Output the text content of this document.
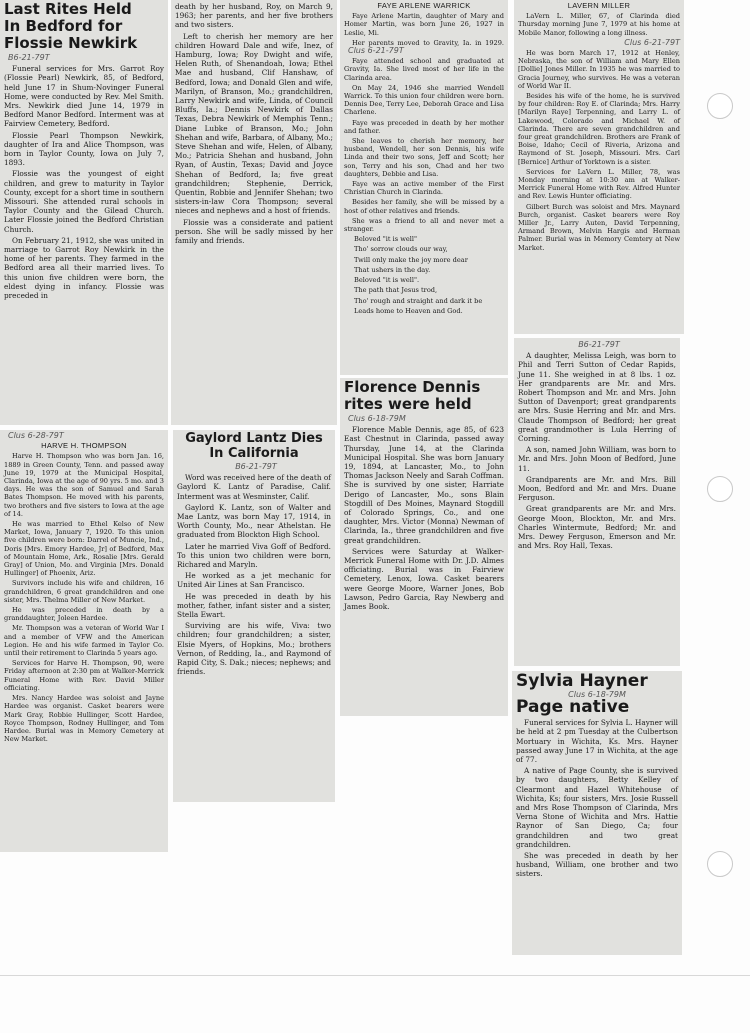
Last Rites Held
In Bedford for
Flossie Newkirk
B6-21-79T

Funeral services for Mrs. Garrot Roy (Flossie Pearl) Newkirk, 85, of Bedford, held June 17 in Shum-Novinger Funeral Home, were conducted by Rev. Mel Smith. Mrs. Newkirk died June 14, 1979 in Bedford Manor Bedford. Interment was at Fairview Cemetery, Bedford.

Flossie Pearl Thompson Newkirk, daughter of Ira and Alice Thompson, was born in Taylor County, Iowa on July 7, 1893.

Flossie was the youngest of eight children, and grew to maturity in Taylor County, except for a short time in southern Missouri. She attended rural schools in Taylor County and the Gilead Church. Later Flossie joined the Bedford Christian Church.

On February 21, 1912, she was united in marriage to Garrot Roy Newkirk in the home of her parents. They farmed in the Bedford area all their married lives. To this union five children were born, the eldest dying in infancy. Flossie was preceded in

death by her husband, Roy, on March 9, 1963; her parents, and her five brothers and two sisters.

Left to cherish her memory are her children Howard Dale and wife, Inez, of Hamburg, Iowa; Roy Dwight and wife, Helen Ruth, of Shenandoah, Iowa; Ethel Mae and husband, Clif Hanshaw, of Bedford, Iowa; and Donald Glen and wife, Marilyn, of Branson, Mo.; grandchildren, Larry Newkirk and wife, Linda, of Council Bluffs, Ia.; Dennis Newkirk of Dallas Texas, Debra Newkirk of Memphis Tenn.; Diane Lubke of Branson, Mo.; John Shehan and wife, Barbara, of Albany, Mo.; Steve Shehan and wife, Helen, of Albany, Mo.; Patricia Shehan and husband, John Ryan, of Austin, Texas; David and Joyce Shehan of Bedford, Ia; five great grandchildren; Stephenie, Derrick, Quentin, Robbie and Jennifer Shehan; two sisters-in-law Cora Thompson; several nieces and nephews and a host of friends.

Flossie was a considerate and patient person. She will be sadly missed by her family and friends.

Clus 6-28-79T
HARVE H. THOMPSON

Harve H. Thompson who was born Jan. 16, 1889 in Green County, Tenn. and passed away June 19, 1979 at the Municipal Hospital, Clarinda, Iowa at the age of 90 yrs. 5 mo. and 3 days. He was the son of Samuel and Sarah Bates Thompson. He moved with his parents, two brothers and five sisters to Iowa at the age of 14.

He was married to Ethel Kelso of New Market, Iowa, January 7, 1920. To this union five children were born: Darrel of Muncie, Ind., Doris [Mrs. Emory Hardee, Jr] of Bedford, Max of Mountain Home, Ark., Rosalie [Mrs. Gerald Gray] of Union, Mo. and Virginia [Mrs. Donald Hullinger] of Phoenix, Ariz.

Survivors include his wife and children, 16 grandchildren, 6 great grandchildren and one sister, Mrs. Thelma Miller of New Market.

He was preceded in death by a granddaughter, Joleen Hardee.

Mr. Thompson was a veteran of World War I and a member of VFW and the American Legion. He and his wife farmed in Taylor Co. until their retirement to Clarinda 5 years ago.

Services for Harve H. Thompson, 90, were Friday afternoon at 2:30 pm at Walker-Merrick Funeral Home with Rev. David Miller officiating.

Mrs. Nancy Hardee was soloist and Jayne Hardee was organist. Casket bearers were Mark Gray, Robbie Hullinger, Scott Hardee, Royce Thompson, Rodney Hullinger, and Tom Hardee. Burial was in Memory Cemetery at New Market.

Gaylord Lantz Dies
In California
B6-21-79T

Word was received here of the death of Gaylord K. Lantz of Paradise, Calif. Interment was at Wesminster, Calif.

Gaylord K. Lantz, son of Walter and Mae Lantz, was born May 17, 1914, in Worth County, Mo., near Athelstan. He graduated from Blockton High School.

Later he married Viva Goff of Bedford. To this union two children were born, Richared and Maryln.

He worked as a jet mechanic for United Air Lines at San Francisco.

He was preceded in death by his mother, father, infant sister and a sister, Stella Ewart.

Surviving are his wife, Viva: two children; four grandchildren; a sister, Elsie Myers, of Hopkins, Mo.; brothers Vernon, of Redding, Ia., and Raymond of Rapid City, S. Dak.; nieces; nephews; and friends.

FAYE ARLENE WARRICK

Faye Arlene Martin, daughter of Mary and Homer Martin, was born June 26, 1927 in Leslie, Mi.

Her parents moved to Gravity, Ia. in 1929. Clus 6-21-79T

Faye attended school and graduated at Gravity, Ia. She lived most of her life in the Clarinda area.

On May 24, 1946 she married Wendell Warrick. To this union four children were born. Dennis Dee, Terry Lee, Deborah Grace and Lisa Charlene.

Faye was preceded in death by her mother and father.

She leaves to cherish her memory, her husband, Wendell, her son Dennis, his wife Linda and their two sons, Jeff and Scott; her son, Terry and his son, Chad and her two daughters, Debbie and Lisa.

Faye was an active member of the First Christian Church in Clarinda.

Besides her family, she will be missed by a host of other relatives and friends.

She was a friend to all and never met a stranger.

Beloved "it is well"

Tho' sorrow clouds our way,

Twill only make the joy more dear

That ushers in the day.

Beloved "it is well".

The path that Jesus trod,

Tho' rough and straight and dark it be

Leads home to Heaven and God.

Florence Dennis
rites were held
Clus 6-18-79M

Florence Mable Dennis, age 85, of 623 East Chestnut in Clarinda, passed away Thursday, June 14, at the Clarinda Municipal Hospital. She was born January 19, 1894, at Lancaster, Mo., to John Thomas Jackson Neely and Sarah Coffman. She is survived by one sister, Harriate Derigo of Lancaster, Mo., sons Blain Stogdill of Des Moines, Maynard Stogdill of Colorado Springs, Co., and one daughter, Mrs. Victor (Monna) Newman of Clarinda, Ia., three grandchildren and five great grandchildren.

Services were Saturday at Walker-Merrick Funeral Home with Dr. J.D. Almes officiating. Burial was in Fairview Cemetery, Lenox, Iowa. Casket bearers were George Moore, Warner Jones, Bob Lawson, Pedro Garcia, Ray Newberg and James Book.

LAVERN MILLER

LaVern L. Miller, 67, of Clarinda died Thursday morning June 7, 1979 at his home at Mobile Manor, following a long illness.

Clus 6-21-79T

He was born March 17, 1912 at Henley, Nebraska, the son of William and Mary Ellen [Dollie] Jones Miller. In 1935 he was married to Gracia Journey, who survives. He was a veteran of World War II.

Besides his wife of the home, he is survived by four children: Roy E. of Clarinda; Mrs. Harry [Marilyn Raye] Terpenning, and Larry L. of Lakewood, Colorado and Michael W. of Clarinda. There are seven grandchildren and four great grandchildren. Brothers are Frank of Boise, Idaho; Cecil of Riveria, Arizona and Raymond of St. Joseph, Missouri. Mrs. Carl [Bernice] Arthur of Yorktown is a sister.

Services for LaVern L. Miller, 78, was Monday morning at 10:30 am at Walker-Merrick Funeral Home with Rev. Alfred Hunter and Rev. Lewis Hunter officiating.

Gilbert Burch was soloist and Mrs. Maynard Burch, organist. Casket bearers were Roy Miller Jr., Larry Auten, David Terpenning, Armand Brown, Melvin Hargis and Herman Palmer. Burial was in Memory Cemtery at New Market.

B6-21-79T

A daughter, Melissa Leigh, was born to Phil and Terri Sutton of Cedar Rapids, June 11. She weighed in at 8 lbs. 1 oz. Her grandparents are Mr. and Mrs. Robert Thompson and Mr. and Mrs. John Sutton of Davenport; great grandparents are Mrs. Susie Herring and Mr. and Mrs. Claude Thompson of Bedford; her great great grandmother is Lula Herring of Corning.

A son, named John William, was born to Mr. and Mrs. John Moon of Bedford, June 11.

Grandparents are Mr. and Mrs. Bill Moon, Bedford and Mr. and Mrs. Duane Ferguson.

Great grandparents are Mr. and Mrs. George Moon, Blockton, Mr. and Mrs. Charles Wintermute, Bedford; Mr. and Mrs. Dewey Ferguson, Emerson and Mr. and Mrs. Roy Hall, Texas.

Sylvia Hayner
Clus 6-18-79M
Page native

Funeral services for Sylvia L. Hayner will be held at 2 pm Tuesday at the Culbertson Mortuary in Wichita, Ks. Mrs. Hayner passed away June 17 in Wichita, at the age of 77.

A native of Page County, she is survived by two daughters, Betty Kelley of Clearmont and Hazel Whitehouse of Wichita, Ks; four sisters, Mrs. Josie Russell and Mrs Rose Thompson of Clarinda, Mrs Verna Stone of Wichita and Mrs. Hattie Raynor of San Diego, Ca; four grandchildren and two great grandchildren.

She was preceded in death by her husband, William, one brother and two sisters.
